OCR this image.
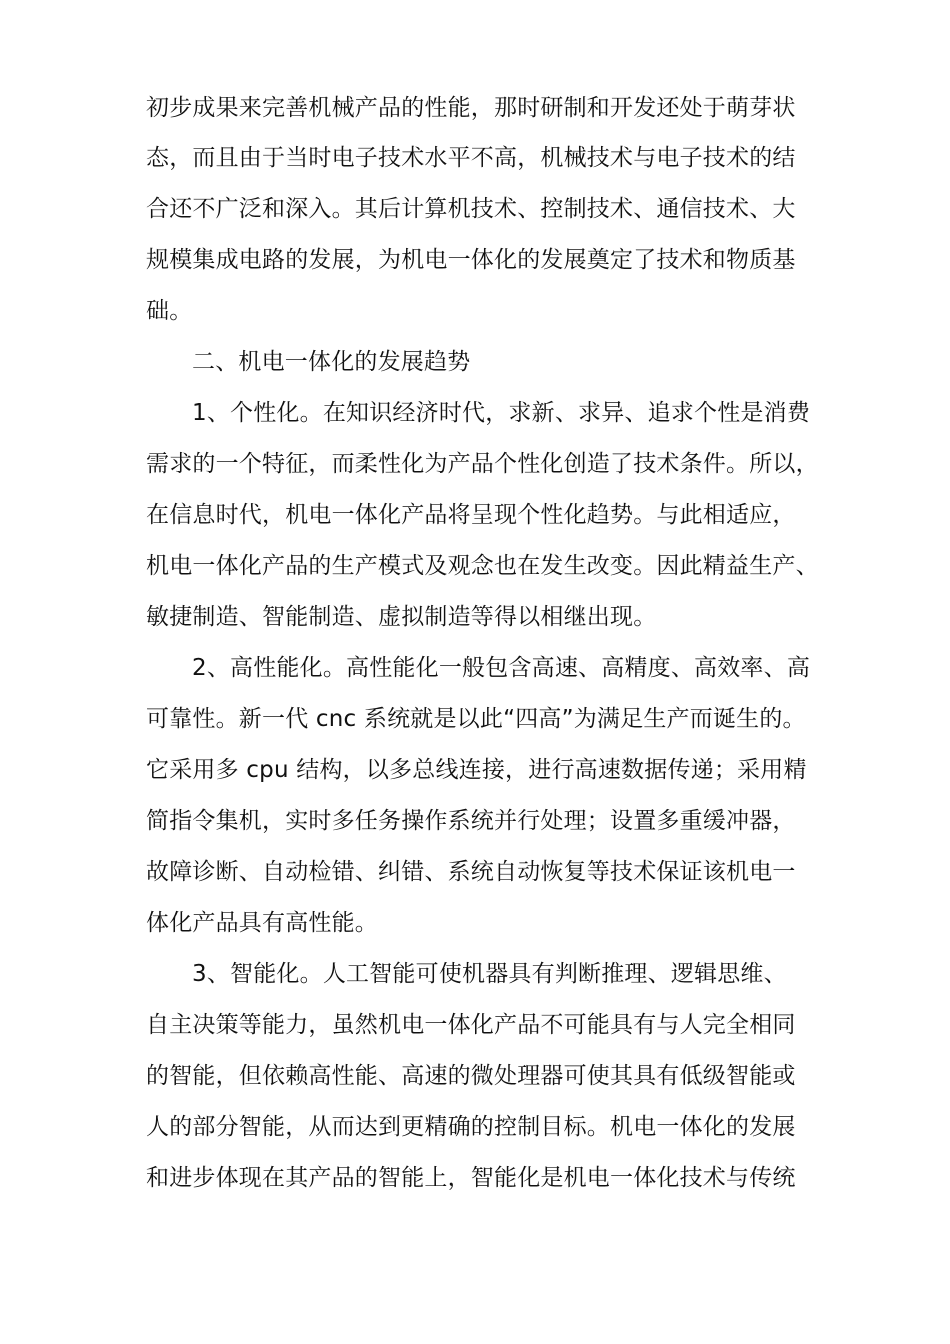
初步成果来完善机械产品的性能，那时研制和开发还处于萌芽状
态，而且由于当时电子技术水平不高，机械技术与电子技术的结
合还不广泛和深入。其后计算机技术、控制技术、通信技术、大
规模集成电路的发展，为机电一体化的发展奠定了技术和物质基
础。
二、机电一体化的发展趋势
1、个性化。在知识经济时代，求新、求异、追求个性是消费
需求的一个特征，而柔性化为产品个性化创造了技术条件。所以，
在信息时代，机电一体化产品将呈现个性化趋势。与此相适应，
机电一体化产品的生产模式及观念也在发生改变。因此精益生产、
敏捷制造、智能制造、虚拟制造等得以相继出现。
2、高性能化。高性能化一般包含高速、高精度、高效率、高
可靠性。新一代 cnc 系统就是以此“四高”为满足生产而诞生的。
它采用多 cpu 结构，以多总线连接，进行高速数据传递；采用精
简指令集机，实时多任务操作系统并行处理；设置多重缓冲器，
故障诊断、自动检错、纠错、系统自动恢复等技术保证该机电一
体化产品具有高性能。
3、智能化。人工智能可使机器具有判断推理、逻辑思维、
自主决策等能力，虽然机电一体化产品不可能具有与人完全相同
的智能，但依赖高性能、高速的微处理器可使其具有低级智能或
人的部分智能，从而达到更精确的控制目标。机电一体化的发展
和进步体现在其产品的智能上，智能化是机电一体化技术与传统
